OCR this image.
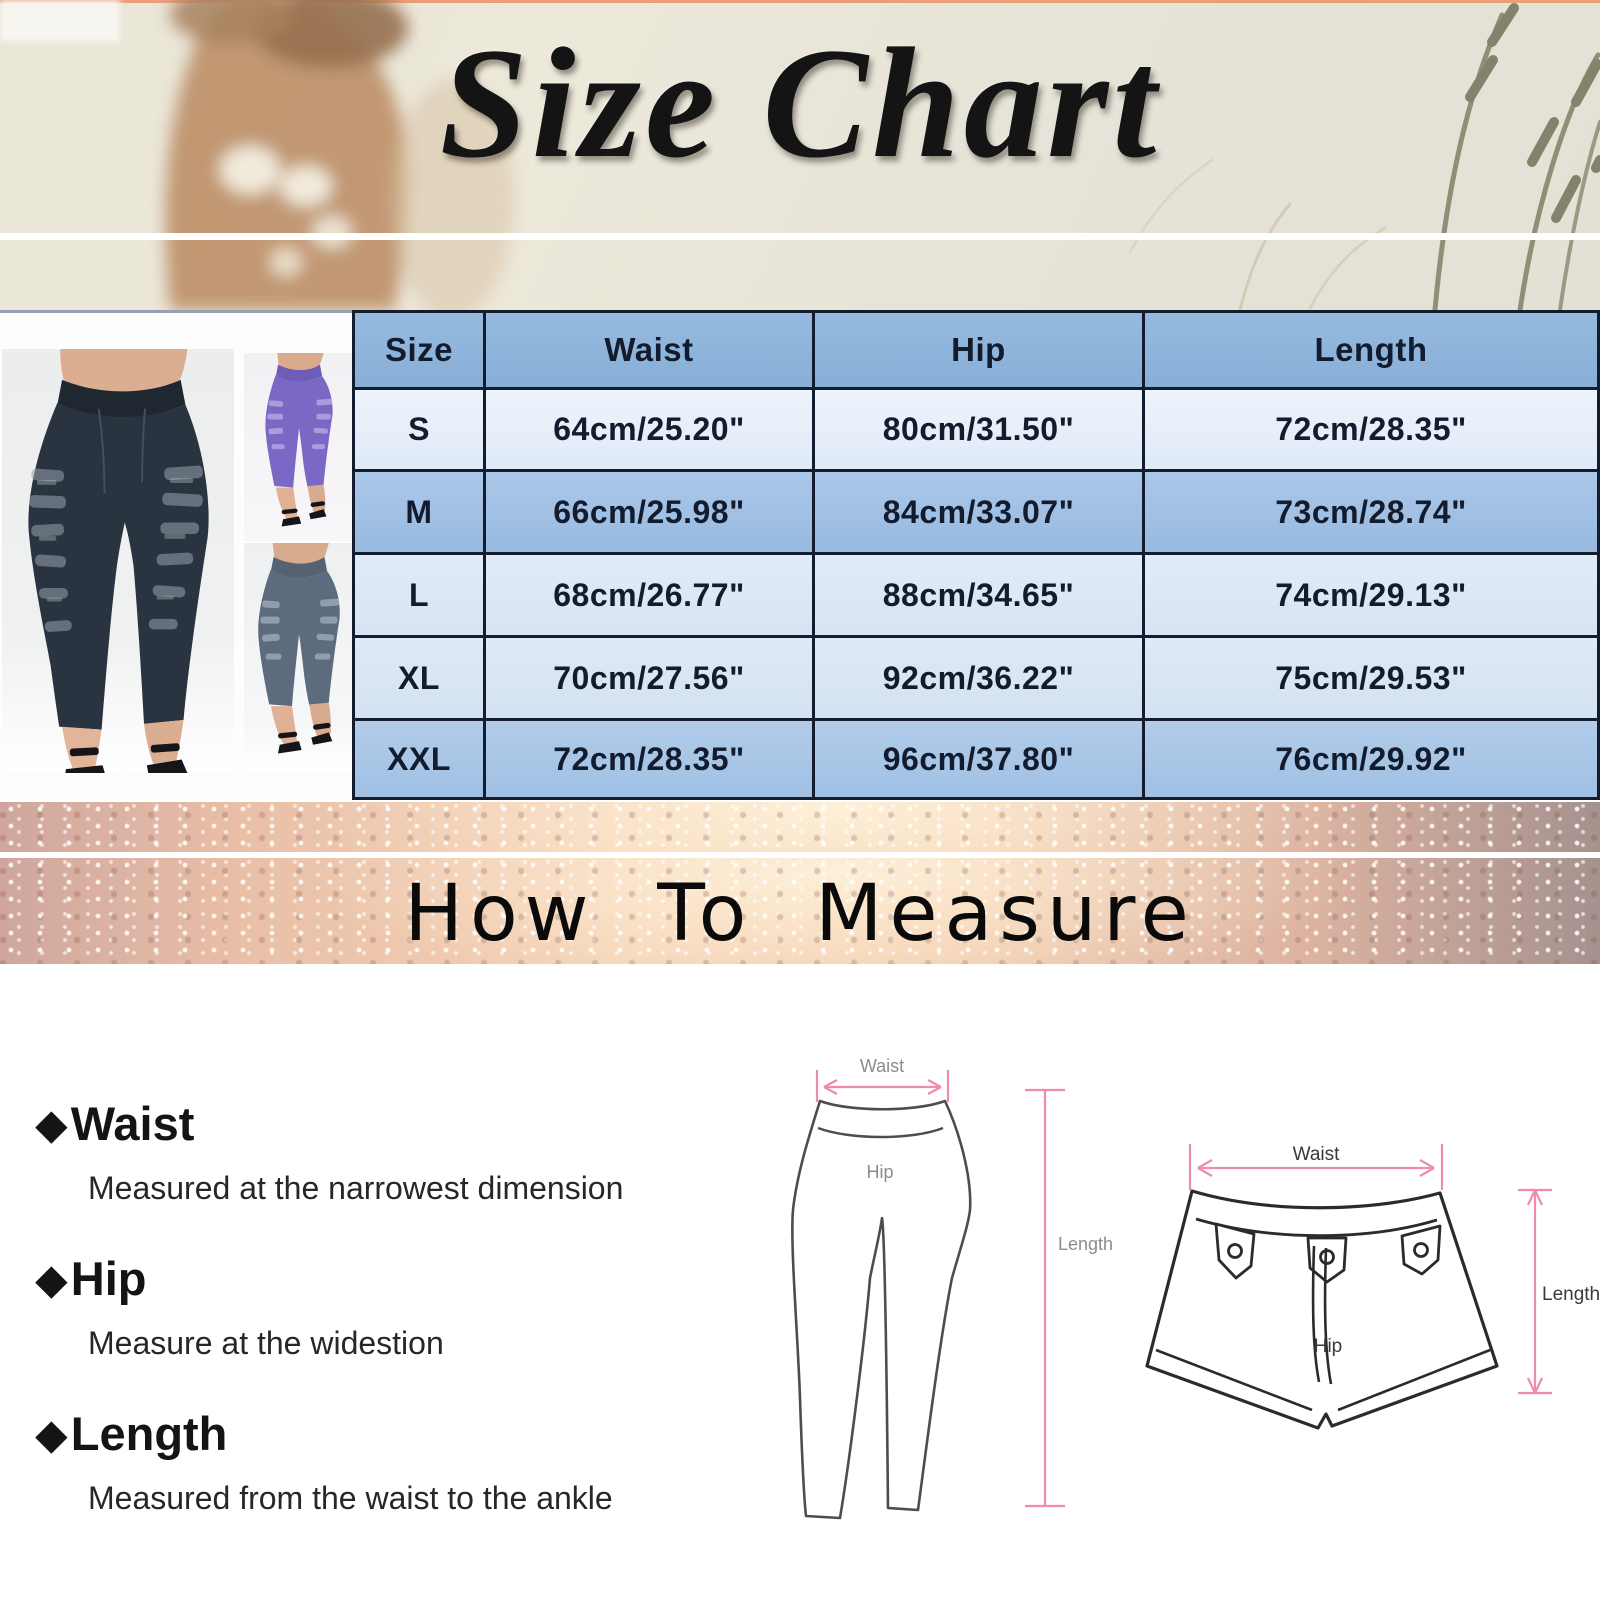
Size Chart
Size	Waist	Hip	Length
S	64cm/25.20"	80cm/31.50"	72cm/28.35"
M	66cm/25.98"	84cm/33.07"	73cm/28.74"
L	68cm/26.77"	88cm/34.65"	74cm/29.13"
XL	70cm/27.56"	92cm/36.22"	75cm/29.53"
XXL	72cm/28.35"	96cm/37.80"	76cm/29.92"
How To Measure
◆Waist
Measured at the narrowest dimension
◆Hip
Measure at the widestion
◆Length
Measured from the waist to the ankle
Waist
Hip
Length
Waist
Hip
Length
